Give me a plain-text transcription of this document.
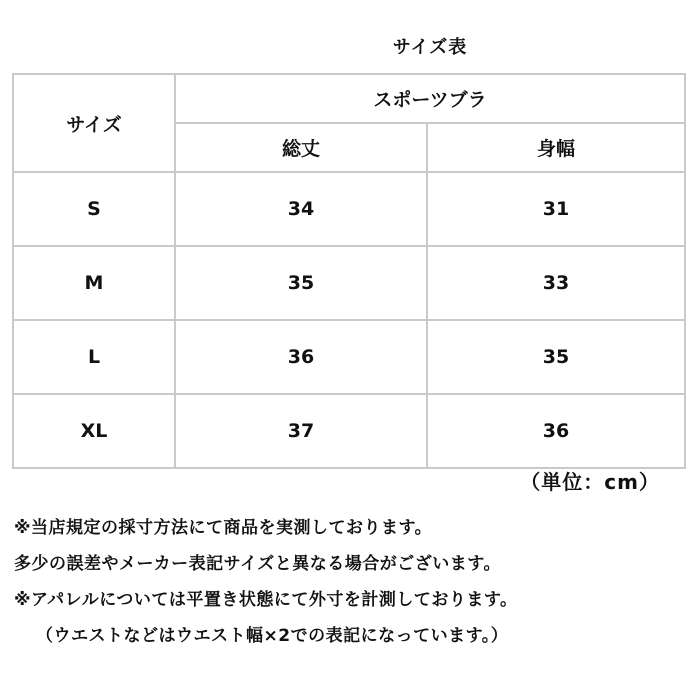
サイズ表
サイズ	スポーツブラ	
	総丈	身幅
S	34	31
M	35	33
L	36	35
XL	37	36
（単位：cm）
※当店規定の採寸方法にて商品を実測しております。
多少の誤差やメーカー表記サイズと異なる場合がございます。
※アパレルについては平置き状態にて外寸を計測しております。
（ウエストなどはウエスト幅×2での表記になっています。）
